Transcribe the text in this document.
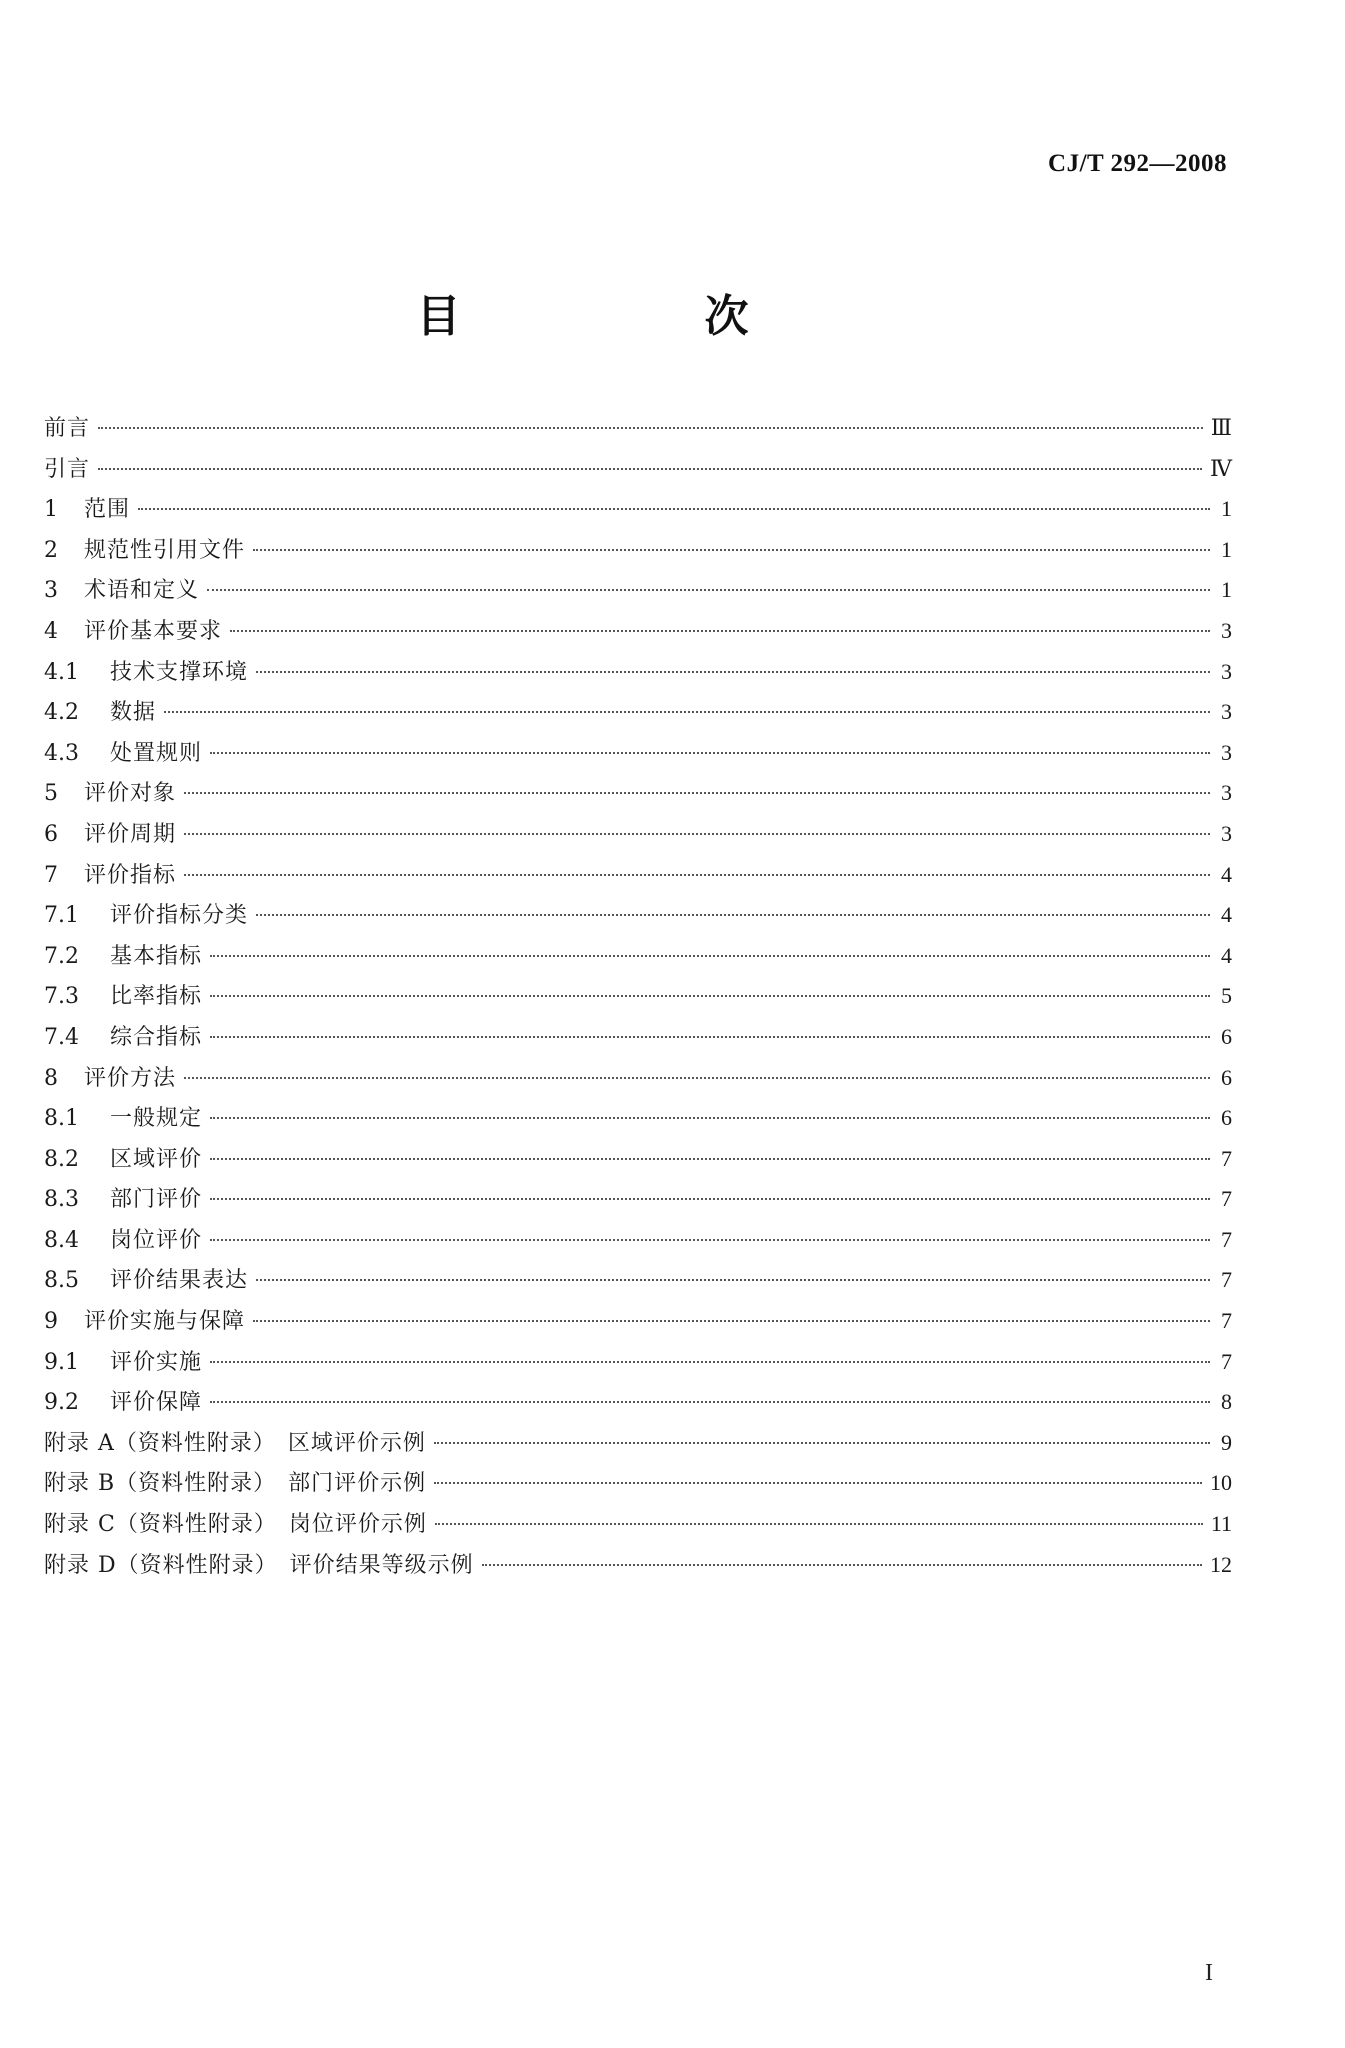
CJ/T 292—2008
目　次
前言	Ⅲ
引言	Ⅳ
1	范围	1
2	规范性引用文件	1
3	术语和定义	1
4	评价基本要求	3
4.1	技术支撑环境	3
4.2	数据	3
4.3	处置规则	3
5	评价对象	3
6	评价周期	3
7	评价指标	4
7.1	评价指标分类	4
7.2	基本指标	4
7.3	比率指标	5
7.4	综合指标	6
8	评价方法	6
8.1	一般规定	6
8.2	区域评价	7
8.3	部门评价	7
8.4	岗位评价	7
8.5	评价结果表达	7
9	评价实施与保障	7
9.1	评价实施	7
9.2	评价保障	8
附录 A（资料性附录）　区域评价示例	9
附录 B（资料性附录）　部门评价示例	10
附录 C（资料性附录）　岗位评价示例	11
附录 D（资料性附录）　评价结果等级示例	12
I
